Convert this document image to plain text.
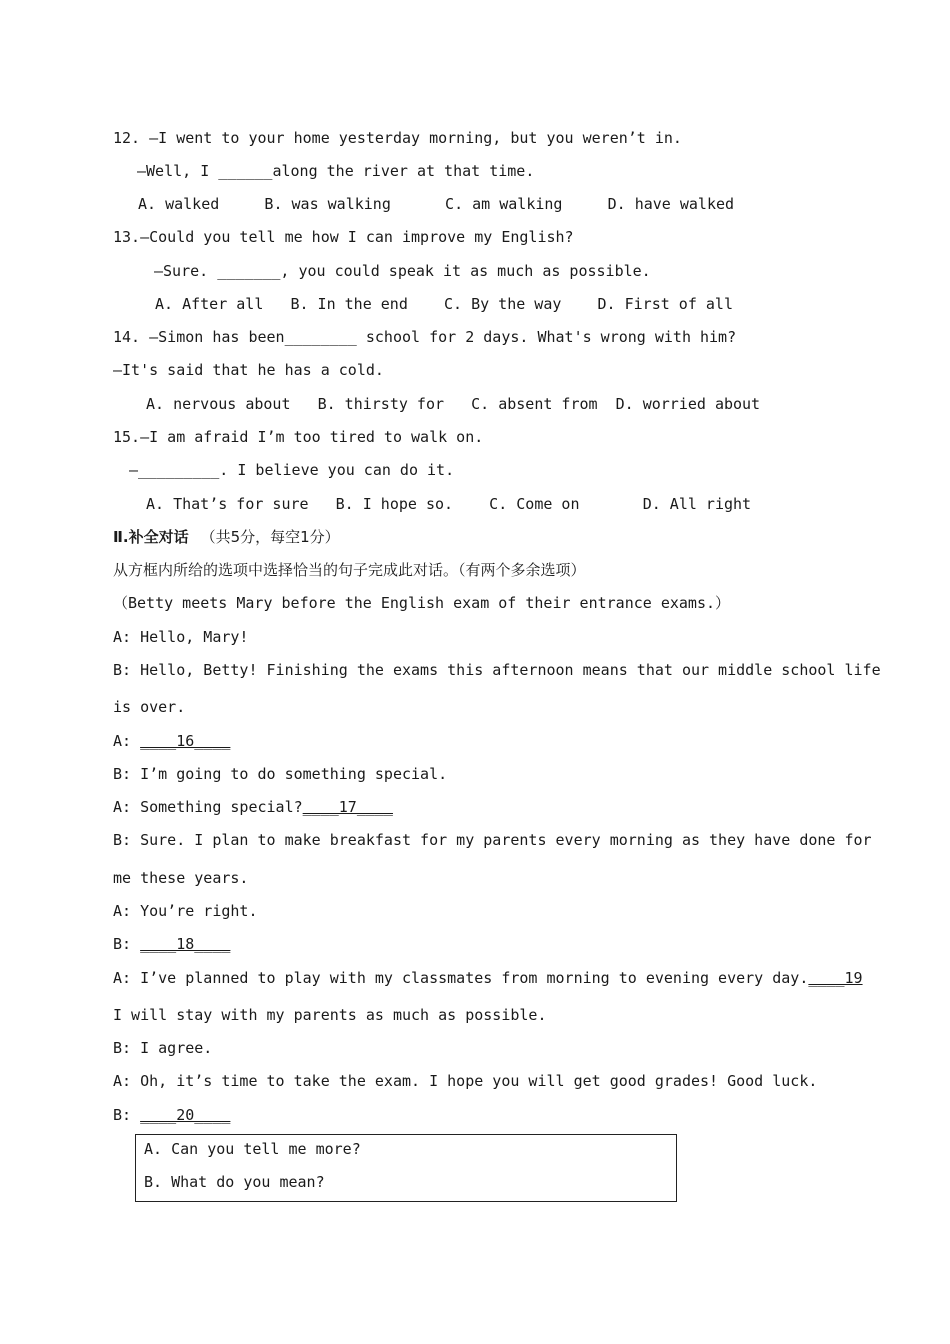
12. —I went to your home yesterday morning, but you weren’t in.
—Well, I ______along the river at that time.
A. walked     B. was walking      C. am walking     D. have walked
13.—Could you tell me how I can improve my English?
—Sure. _______, you could speak it as much as possible.
A. After all   B. In the end    C. By the way    D. First of all
14. —Simon has been________ school for 2 days. What's wrong with him?
—It's said that he has a cold.
A. nervous about   B. thirsty for   C. absent from  D. worried about
15.—I am afraid I’m too tired to walk on.
—_________. I believe you can do it.
A. That’s for sure   B. I hope so.    C. Come on       D. All right
Ⅱ.补全对话 （共5分，每空1分）
从方框内所给的选项中选择恰当的句子完成此对话。（有两个多余选项）
（Betty meets Mary before the English exam of their entrance exams.）
A: Hello, Mary!
B: Hello, Betty! Finishing the exams this afternoon means that our middle school life
is over.
A: ____16____
B: I’m going to do something special.
A: Something special?____17____
B: Sure. I plan to make breakfast for my parents every morning as they have done for
me these years.
A: You’re right.
B: ____18____
A: I’ve planned to play with my classmates from morning to evening every day.____19
I will stay with my parents as much as possible.
B: I agree.
A: Oh, it’s time to take the exam. I hope you will get good grades! Good luck.
B: ____20____
A. Can you tell me more?
B. What do you mean?
